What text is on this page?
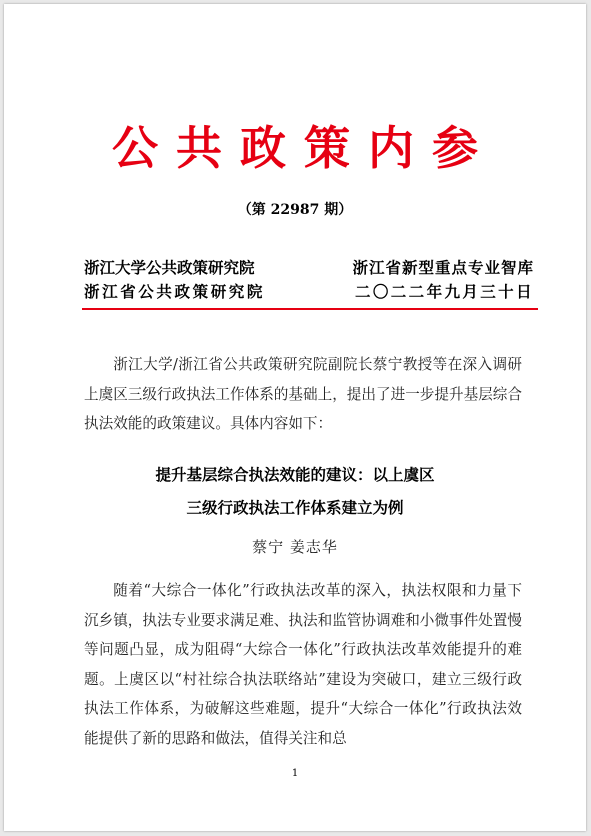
公共政策内参
（第 22987 期）
浙江大学公共政策研究院
浙江省公共政策研究院
浙江省新型重点专业智库
二〇二二年九月三十日

浙江大学/浙江省公共政策研究院副院长蔡宁教授等在深入调研上虞区三级行政执法工作体系的基础上，提出了进一步提升基层综合执法效能的政策建议。具体内容如下：

提升基层综合执法效能的建议：以上虞区
三级行政执法工作体系建立为例
蔡宁 姜志华

随着“大综合一体化”行政执法改革的深入，执法权限和力量下沉乡镇，执法专业要求满足难、执法和监管协调难和小微事件处置慢等问题凸显，成为阻碍“大综合一体化”行政执法改革效能提升的难题。上虞区以“村社综合执法联络站”建设为突破口，建立三级行政执法工作体系，为破解这些难题，提升“大综合一体化”行政执法效能提供了新的思路和做法，值得关注和总

1
